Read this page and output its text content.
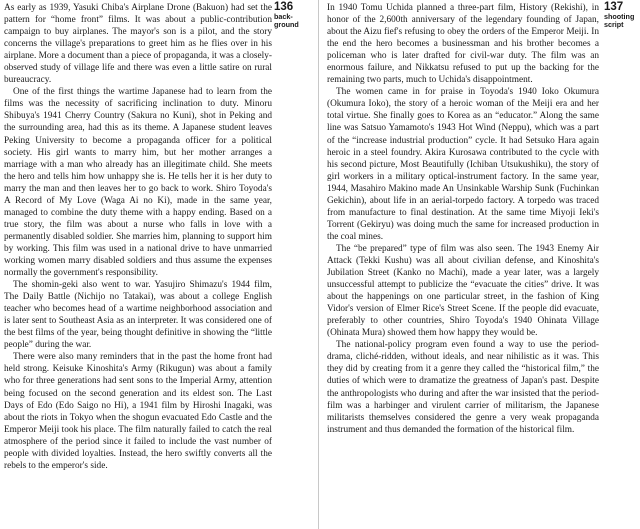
As early as 1939, Yasuki Chiba's Airplane Drone (Bakuon) had set the pattern for “home front” films. It was about a public-contribution campaign to buy airplanes. The mayor's son is a pilot, and the story concerns the village's preparations to greet him as he flies over in his airplane. More a document than a piece of propaganda, it was a closely-observed study of village life and there was even a little satire on rural bureaucracy.

One of the first things the wartime Japanese had to learn from the films was the necessity of sacrificing inclination to duty. Minoru Shibuya's 1941 Cherry Country (Sakura no Kuni), shot in Peking and the surrounding area, had this as its theme. A Japanese student leaves Peking University to become a propaganda officer for a political society. His girl wants to marry him, but her mother arranges a marriage with a man who already has an illegitimate child. She meets the hero and tells him how unhappy she is. He tells her it is her duty to marry the man and then leaves her to go back to work. Shiro Toyoda's A Record of My Love (Waga Ai no Ki), made in the same year, managed to combine the duty theme with a happy ending. Based on a true story, the film was about a nurse who falls in love with a permanently disabled soldier. She marries him, planning to support him by working. This film was used in a national drive to have unmarried working women marry disabled soldiers and thus assume the expenses normally the government's responsibility.

The shomin-geki also went to war. Yasujiro Shimazu's 1944 film, The Daily Battle (Nichijo no Tatakai), was about a college English teacher who becomes head of a wartime neighborhood association and is later sent to Southeast Asia as an interpreter. It was considered one of the best films of the year, being thought definitive in showing the “little people” during the war.

There were also many reminders that in the past the home front had held strong. Keisuke Kinoshita's Army (Rikugun) was about a family who for three generations had sent sons to the Imperial Army, attention being focused on the second generation and its eldest son. The Last Days of Edo (Edo Saigo no Hi), a 1941 film by Hiroshi Inagaki, was about the riots in Tokyo when the shogun evacuated Edo Castle and the Emperor Meiji took his place. The film naturally failed to catch the real atmosphere of the period since it failed to include the vast number of people with divided loyalties. Instead, the hero swiftly converts all the rebels to the emperor's side.

136
back-
ground

In 1940 Tomu Uchida planned a three-part film, History (Rekishi), in honor of the 2,600th anniversary of the legendary founding of Japan, about the Aizu fief's refusing to obey the orders of the Emperor Meiji. In the end the hero becomes a businessman and his brother becomes a policeman who is later drafted for civil-war duty. The film was an enormous failure, and Nikkatsu refused to put up the backing for the remaining two parts, much to Uchida's disappointment.

The women came in for praise in Toyoda's 1940 Ioko Okumura (Okumura Ioko), the story of a heroic woman of the Meiji era and her total virtue. She finally goes to Korea as an “educator.” Along the same line was Satsuo Yamamoto's 1943 Hot Wind (Neppu), which was a part of the “increase industrial production” cycle. It had Setsuko Hara again heroic in a steel foundry. Akira Kurosawa contributed to the cycle with his second picture, Most Beautifully (Ichiban Utsukushiku), the story of girl workers in a military optical-instrument factory. In the same year, 1944, Masahiro Makino made An Unsinkable Warship Sunk (Fuchinkan Gekichin), about life in an aerial-torpedo factory. A torpedo was traced from manufacture to final destination. At the same time Miyoji Ieki's Torrent (Gekiryu) was doing much the same for increased production in the coal mines.

The “be prepared” type of film was also seen. The 1943 Enemy Air Attack (Tekki Kushu) was all about civilian defense, and Kinoshita's Jubilation Street (Kanko no Machi), made a year later, was a largely unsuccessful attempt to publicize the “evacuate the cities” drive. It was about the happenings on one particular street, in the fashion of King Vidor's version of Elmer Rice's Street Scene. If the people did evacuate, preferably to other countries, Shiro Toyoda's 1940 Ohinata Village (Ohinata Mura) showed them how happy they would be.

The national-policy program even found a way to use the period-drama, cliché-ridden, without ideals, and near nihilistic as it was. This they did by creating from it a genre they called the “historical film,” the duties of which were to dramatize the greatness of Japan's past. Despite the anthropologists who during and after the war insisted that the period-film was a harbinger and virulent carrier of militarism, the Japanese militarists themselves considered the genre a very weak propaganda instrument and thus demanded the formation of the historical film.

137
shooting
script
